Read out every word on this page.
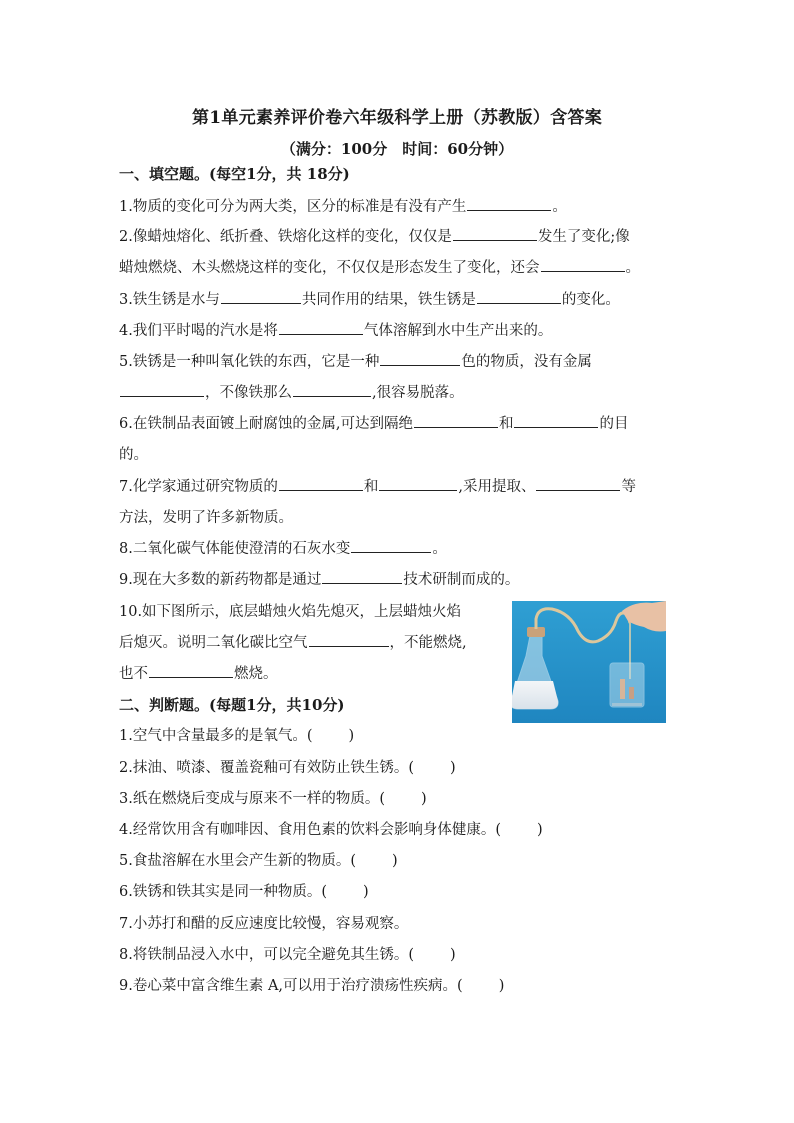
第1单元素养评价卷六年级科学上册（苏教版）含答案
（满分：100分　时间：60分钟）
一、填空题。(每空1分，共 18分)
1.物质的变化可分为两大类，区分的标准是有没有产生	。
2.像蜡烛熔化、纸折叠、铁熔化这样的变化，仅仅是	发生了变化;像
蜡烛燃烧、木头燃烧这样的变化，不仅仅是形态发生了变化，还会	。
3.铁生锈是水与	共同作用的结果，铁生锈是	的变化。
4.我们平时喝的汽水是将	气体溶解到水中生产出来的。
5.铁锈是一种叫氧化铁的东西，它是一种	色的物质，没有金属
，不像铁那么	,很容易脱落。
6.在铁制品表面镀上耐腐蚀的金属,可达到隔绝	和	的目
的。
7.化学家通过研究物质的	和	,采用提取、	等
方法，发明了许多新物质。
8.二氧化碳气体能使澄清的石灰水变	。
9.现在大多数的新药物都是通过	技术研制而成的。
10.如下图所示，底层蜡烛火焰先熄灭，上层蜡烛火焰
后熄灭。说明二氧化碳比空气	，不能燃烧,
也不	燃烧。
二、判断题。(每题1分，共10分)
1.空气中含量最多的是氧气。( )
2.抹油、喷漆、覆盖瓷釉可有效防止铁生锈。( )
3.纸在燃烧后变成与原来不一样的物质。( )
4.经常饮用含有咖啡因、食用色素的饮料会影响身体健康。( )
5.食盐溶解在水里会产生新的物质。( )
6.铁锈和铁其实是同一种物质。( )
7.小苏打和醋的反应速度比较慢，容易观察。
8.将铁制品浸入水中，可以完全避免其生锈。( )
9.卷心菜中富含维生素 A,可以用于治疗溃疡性疾病。( )
